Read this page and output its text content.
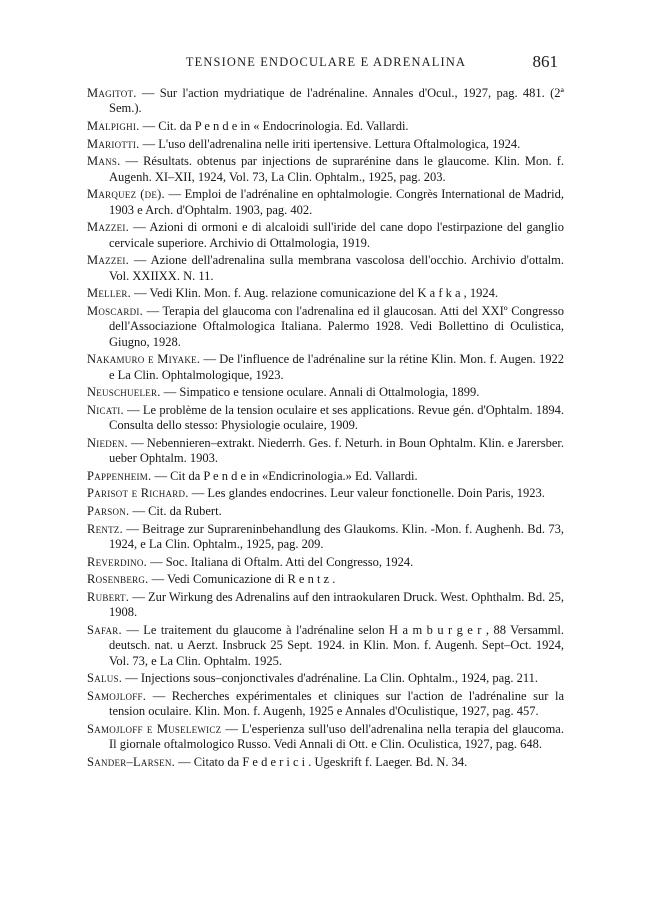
TENSIONE ENDOCULARE E ADRENALINA	861

Magitot. — Sur l'action mydriatique de l'adrénaline. Annales d'Ocul., 1927, pag. 481. (2ª Sem.).

Malpighi. — Cit. da P e n d e in « Endocrinologia. Ed. Vallardi.

Mariotti. — L'uso dell'adrenalina nelle iriti ipertensive. Lettura Oftalmologica, 1924.

Mans. — Résultats. obtenus par injections de suprarénine dans le glaucome. Klin. Mon. f. Augenh. XI–XII, 1924, Vol. 73, La Clin. Ophtalm., 1925, pag. 203.

Marquez (de). — Emploi de l'adrénaline en ophtalmologie. Congrès International de Madrid, 1903 e Arch. d'Ophtalm. 1903, pag. 402.

Mazzei. — Azioni di ormoni e di alcaloidi sull'iride del cane dopo l'estirpazione del ganglio cervicale superiore. Archivio di Ottalmologia, 1919.

Mazzei. — Azione dell'adrenalina sulla membrana vascolosa dell'occhio. Archivio d'ottalm. Vol. XXIIXX. N. 11.

Meller. — Vedi Klin. Mon. f. Aug. relazione comunicazione del K a f k a , 1924.

Moscardi. — Terapia del glaucoma con l'adrenalina ed il glaucosan. Atti del XXIº Congresso dell'Associazione Oftalmologica Italiana. Palermo 1928. Vedi Bollettino di Oculistica, Giugno, 1928.

Nakamuro e Miyake. — De l'influence de l'adrénaline sur la rétine Klin. Mon. f. Augen. 1922 e La Clin. Ophtalmologique, 1923.

Neuschueler. — Simpatico e tensione oculare. Annali di Ottalmologia, 1899.

Nicati. — Le problème de la tension oculaire et ses applications. Revue gén. d'Ophtalm. 1894. Consulta dello stesso: Physiologie oculaire, 1909.

Nieden. — Nebennieren–extrakt. Niederrh. Ges. f. Neturh. in Boun Ophtalm. Klin. e Jarersber. ueber Ophtalm. 1903.

Pappenheim. — Cit da P e n d e in «Endicrinologia.» Ed. Vallardi.

Parisot e Richard. — Les glandes endocrines. Leur valeur fonctionelle. Doin Paris, 1923.

Parson. — Cit. da Rubert.

Rentz. — Beitrage zur Suprareninbehandlung des Glaukoms. Klin. -Mon. f. Aughenh. Bd. 73, 1924, e La Clin. Ophtalm., 1925, pag. 209.

Reverdino. — Soc. Italiana di Oftalm. Atti del Congresso, 1924.

Rosenberg. — Vedi Comunicazione di R e n t z .

Rubert. — Zur Wirkung des Adrenalins auf den intraokularen Druck. West. Ophthalm. Bd. 25, 1908.

Safar. — Le traitement du glaucome à l'adrénaline selon H a m b u r g e r , 88 Versamml. deutsch. nat. u Aerzt. Insbruck 25 Sept. 1924. in Klin. Mon. f. Augenh. Sept–Oct. 1924, Vol. 73, e La Clin. Ophtalm. 1925.

Salus. — Injections sous–conjonctivales d'adrénaline. La Clin. Ophtalm., 1924, pag. 211.

Samojloff. — Recherches expérimentales et cliniques sur l'action de l'adrénaline sur la tension oculaire. Klin. Mon. f. Augenh, 1925 e Annales d'Oculistique, 1927, pag. 457.

Samojloff e Muselewicz — L'esperienza sull'uso dell'adrenalina nella terapia del glaucoma. Il giornale oftalmologico Russo. Vedi Annali di Ott. e Clin. Oculistica, 1927, pag. 648.

Sander–Larsen. — Citato da F e d e r i c i . Ugeskrift f. Laeger. Bd. N. 34.
